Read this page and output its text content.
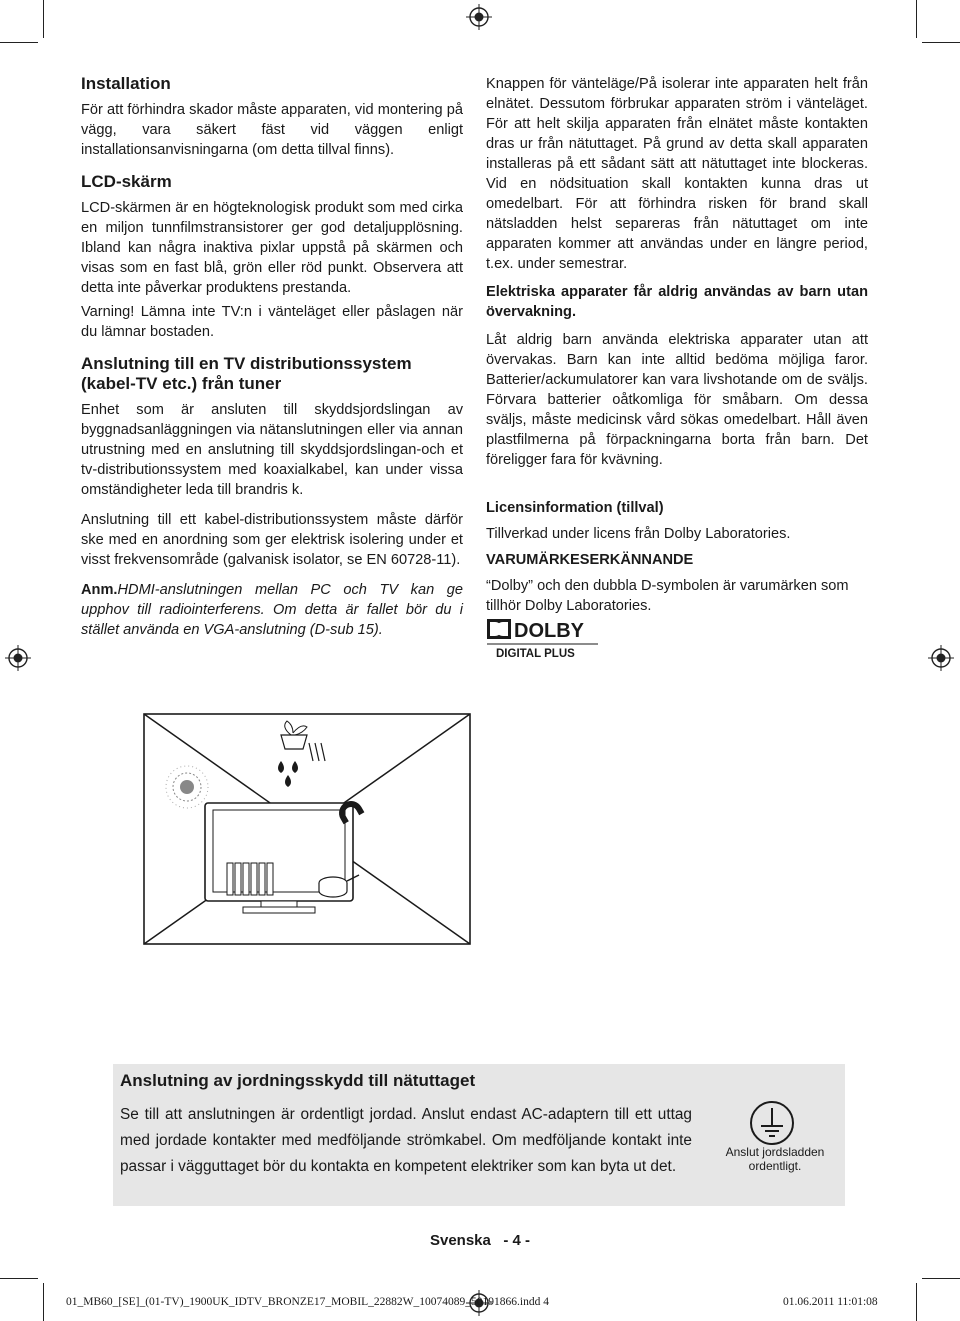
Installation

För att förhindra skador måste apparaten, vid montering på vägg, vara säkert fäst vid väggen enligt installationsanvisningarna (om detta tillval finns).

LCD-skärm

LCD-skärmen är en högteknologisk produkt som med cirka en miljon tunnfilmstransistorer ger god detaljupplösning. Ibland kan några inaktiva pixlar uppstå på skärmen och visas som en fast blå, grön eller röd punkt. Observera att detta inte påverkar produktens prestanda.

Varning! Lämna inte TV:n i vänteläget eller påslagen när du lämnar bostaden.

Anslutning till en TV distributionssystem (kabel-TV etc.) från tuner

Enhet som är ansluten till skyddsjordslingan av byggnadsanläggningen via nätanslutningen eller via annan utrustning med en anslutning till skyddsjordslingan-och et tv-distributionssystem med koaxialkabel, kan under vissa omständigheter leda till brandris k.

Anslutning till ett kabel-distributionssystem måste därför ske med en anordning som ger elektrisk isolering under et visst frekvensområde (galvanisk isolator, se EN 60728-11).

Anm.HDMI-anslutningen mellan PC och TV kan ge upphov till radiointerferens. Om detta är fallet bör du i stället använda en VGA-anslutning (D-sub 15).

Knappen för vänteläge/På isolerar inte apparaten helt från elnätet. Dessutom förbrukar apparaten ström i vänteläget. För att helt skilja apparaten från elnätet måste kontakten dras ur från nätuttaget. På grund av detta skall apparaten installeras på ett sådant sätt att nätuttaget inte blockeras. Vid en nödsituation skall kontakten kunna dras ut omedelbart. För att förhindra risken för brand skall nätsladden helst separeras från nätuttaget om inte apparaten kommer att användas under en längre period, t.ex. under semestrar.

Elektriska apparater får aldrig användas av barn utan övervakning.

Låt aldrig barn använda elektriska apparater utan att övervakas. Barn kan inte alltid bedöma möjliga faror. Batterier/ackumulatorer kan vara livshotande om de sväljs. Förvara batterier oåtkomliga för småbarn. Om dessa sväljs, måste medicinsk vård sökas omedelbart. Håll även plastfilmerna på förpackningarna borta från barn. Det föreligger fara för kvävning.

Licensinformation (tillval)

Tillverkad under licens från Dolby Laboratories.

VARUMÄRKESERKÄNNANDE

“Dolby” och den dubbla D-symbolen är varumärken som tillhör Dolby Laboratories.

DOLBY
DIGITAL PLUS
Anslutning av jordningsskydd till nätuttaget

Se till att anslutningen är ordentligt jordad. Anslut endast AC-adaptern till ett uttag med jordade kontakter med medföljande strömkabel. Om medföljande kontakt inte passar i vägguttaget bör du kontakta en kompetent elektriker som kan byta ut det.

Anslut jordsladden ordentligt.
Svenska   - 4 -
01_MB60_[SE]_(01-TV)_1900UK_IDTV_BRONZE17_MOBIL_22882W_10074089_50191866.indd 4	01.06.2011 11:01:08
